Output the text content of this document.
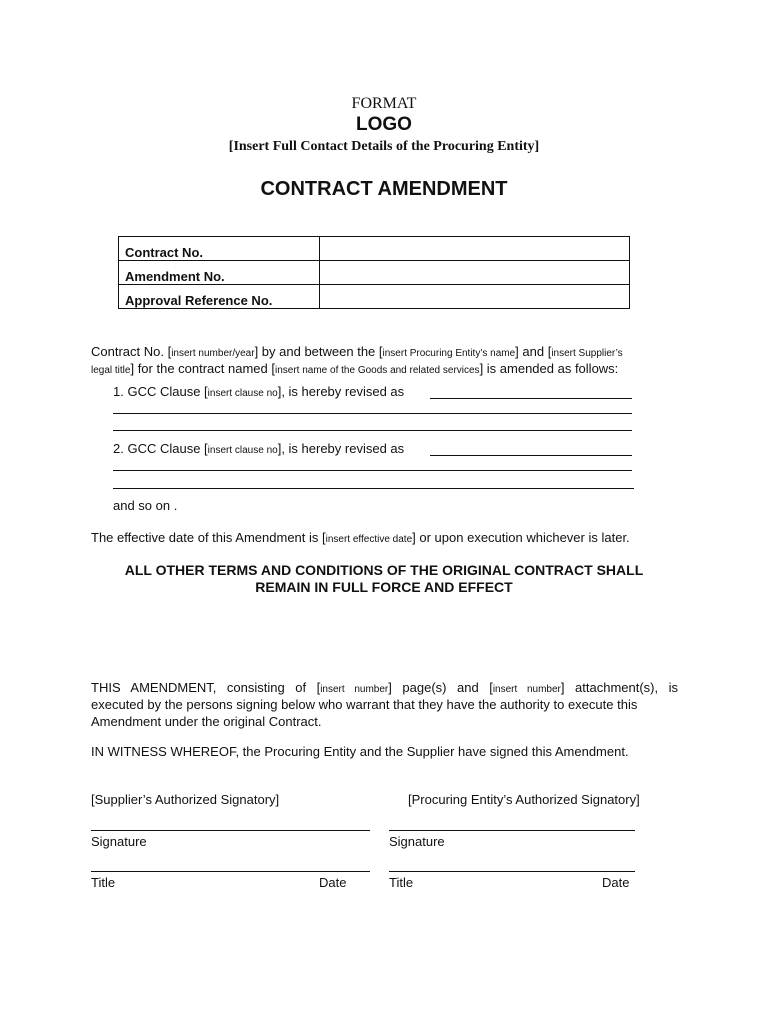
FORMAT
LOGO
[Insert Full Contact Details of the Procuring Entity]
CONTRACT AMENDMENT
Contract No.	
Amendment No.	
Approval Reference No.	
Contract No. [insert number/year] by and between the [insert Procuring Entity’s name] and [insert Supplier’s
legal title] for the contract named [insert name of the Goods and related services] is amended as follows:
1. GCC Clause [insert clause no], is hereby revised as
2. GCC Clause [insert clause no], is hereby revised as
and so on .
The effective date of this Amendment is [insert effective date] or upon execution whichever is later.
ALL OTHER TERMS AND CONDITIONS OF THE ORIGINAL CONTRACT SHALL
REMAIN IN FULL FORCE AND EFFECT
THIS AMENDMENT, consisting of [insert number] page(s) and [insert number] attachment(s), is
executed by the persons signing below who warrant that they have the authority to execute this
Amendment under the original Contract.
IN WITNESS WHEREOF, the Procuring Entity and the Supplier have signed this Amendment.
[Supplier’s Authorized Signatory]
Signature
Title	Date
[Procuring Entity’s Authorized Signatory]
Signature
Title	Date
